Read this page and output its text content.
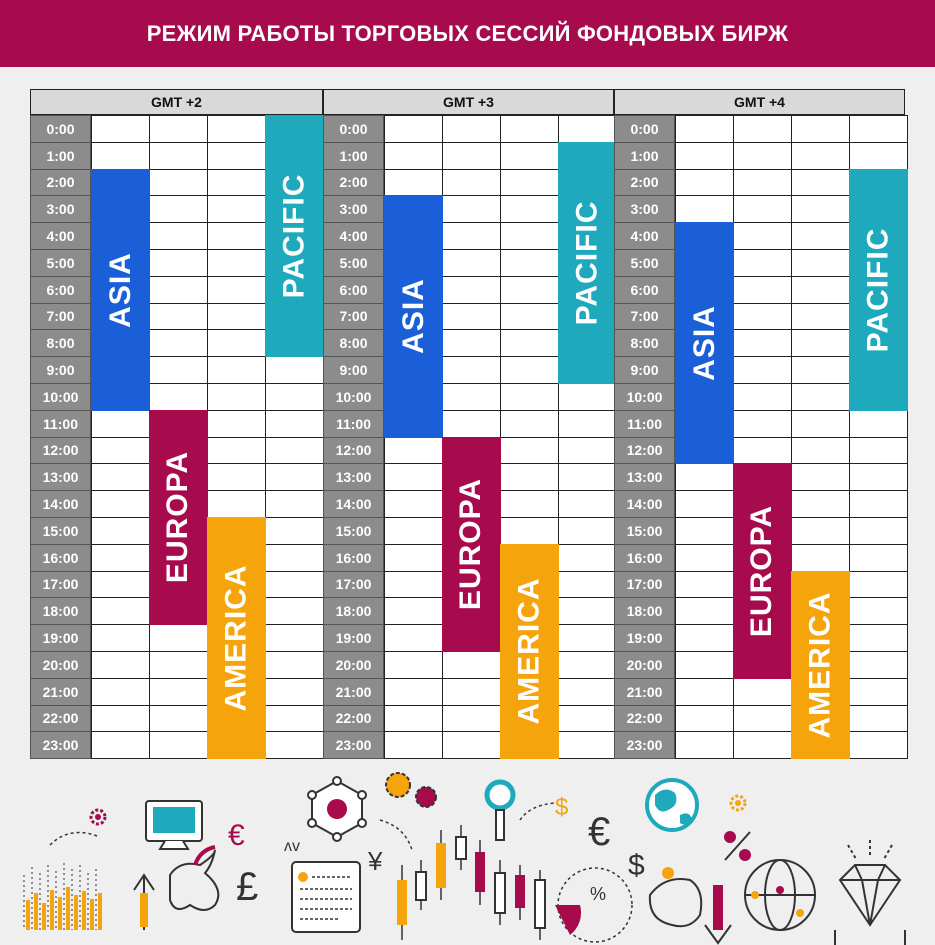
РЕЖИМ РАБОТЫ ТОРГОВЫХ СЕССИЙ ФОНДОВЫХ БИРЖ
GMT +2
0:00
1:00
2:00
3:00
4:00
5:00
6:00
7:00
8:00
9:00
10:00
11:00
12:00
13:00
14:00
15:00
16:00
17:00
18:00
19:00
20:00
21:00
22:00
23:00
ASIA
EUROPA
AMERICA
PACIFIC
GMT +3
0:00
1:00
2:00
3:00
4:00
5:00
6:00
7:00
8:00
9:00
10:00
11:00
12:00
13:00
14:00
15:00
16:00
17:00
18:00
19:00
20:00
21:00
22:00
23:00
ASIA
EUROPA
AMERICA
PACIFIC
GMT +4
0:00
1:00
2:00
3:00
4:00
5:00
6:00
7:00
8:00
9:00
10:00
11:00
12:00
13:00
14:00
15:00
16:00
17:00
18:00
19:00
20:00
21:00
22:00
23:00
ASIA
EUROPA
AMERICA
PACIFIC
€
£
ʌv	¥
$
%
€
$
